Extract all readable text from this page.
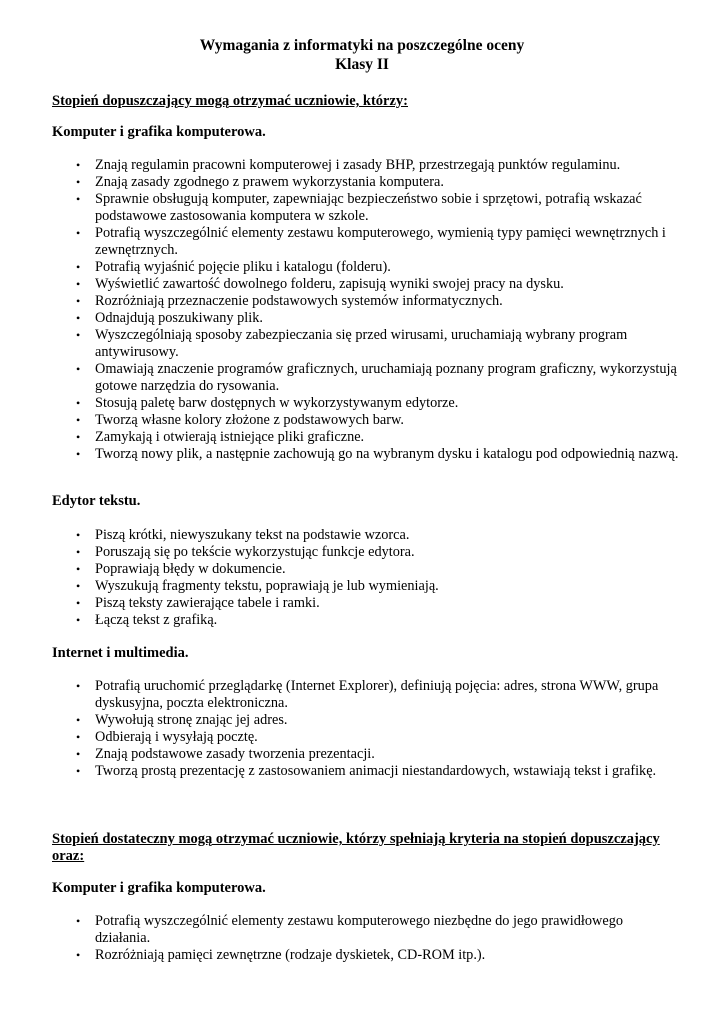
Wymagania z informatyki na poszczególne oceny
Klasy II
Stopień dopuszczający mogą otrzymać uczniowie, którzy:
Komputer i grafika komputerowa.
• Znają regulamin pracowni komputerowej i zasady BHP, przestrzegają punktów regulaminu.
• Znają zasady zgodnego z prawem wykorzystania komputera.
• Sprawnie obsługują komputer, zapewniając bezpieczeństwo sobie i sprzętowi, potrafią wskazać podstawowe zastosowania komputera w szkole.
• Potrafią wyszczególnić elementy zestawu komputerowego, wymienią typy pamięci wewnętrznych i zewnętrznych.
• Potrafią wyjaśnić pojęcie pliku i katalogu (folderu).
• Wyświetlić zawartość dowolnego folderu, zapisują wyniki swojej pracy na dysku.
• Rozróżniają przeznaczenie podstawowych systemów informatycznych.
• Odnajdują poszukiwany plik.
• Wyszczególniają sposoby zabezpieczania się przed wirusami, uruchamiają wybrany program antywirusowy.
• Omawiają znaczenie programów graficznych, uruchamiają poznany program graficzny, wykorzystują gotowe narzędzia do rysowania.
• Stosują paletę barw dostępnych w wykorzystywanym edytorze.
• Tworzą własne kolory złożone z podstawowych barw.
• Zamykają i otwierają istniejące pliki graficzne.
• Tworzą nowy plik, a następnie zachowują go na wybranym dysku i katalogu pod odpowiednią nazwą.
Edytor tekstu.
• Piszą krótki, niewyszukany tekst na podstawie wzorca.
• Poruszają się po tekście wykorzystując funkcje edytora.
• Poprawiają błędy w dokumencie.
• Wyszukują fragmenty tekstu, poprawiają je lub wymieniają.
• Piszą teksty zawierające tabele i ramki.
• Łączą tekst z grafiką.
Internet i multimedia.
• Potrafią uruchomić przeglądarkę (Internet Explorer), definiują pojęcia: adres, strona WWW, grupa dyskusyjna, poczta elektroniczna.
• Wywołują stronę znając jej adres.
• Odbierają i wysyłają pocztę.
• Znają podstawowe zasady tworzenia prezentacji.
• Tworzą prostą prezentację z zastosowaniem animacji niestandardowych, wstawiają tekst i grafikę.
Stopień dostateczny mogą otrzymać uczniowie, którzy spełniają kryteria na stopień dopuszczający oraz:
Komputer i grafika komputerowa.
• Potrafią wyszczególnić elementy zestawu komputerowego niezbędne do jego prawidłowego działania.
• Rozróżniają pamięci zewnętrzne (rodzaje dyskietek, CD-ROM itp.).
